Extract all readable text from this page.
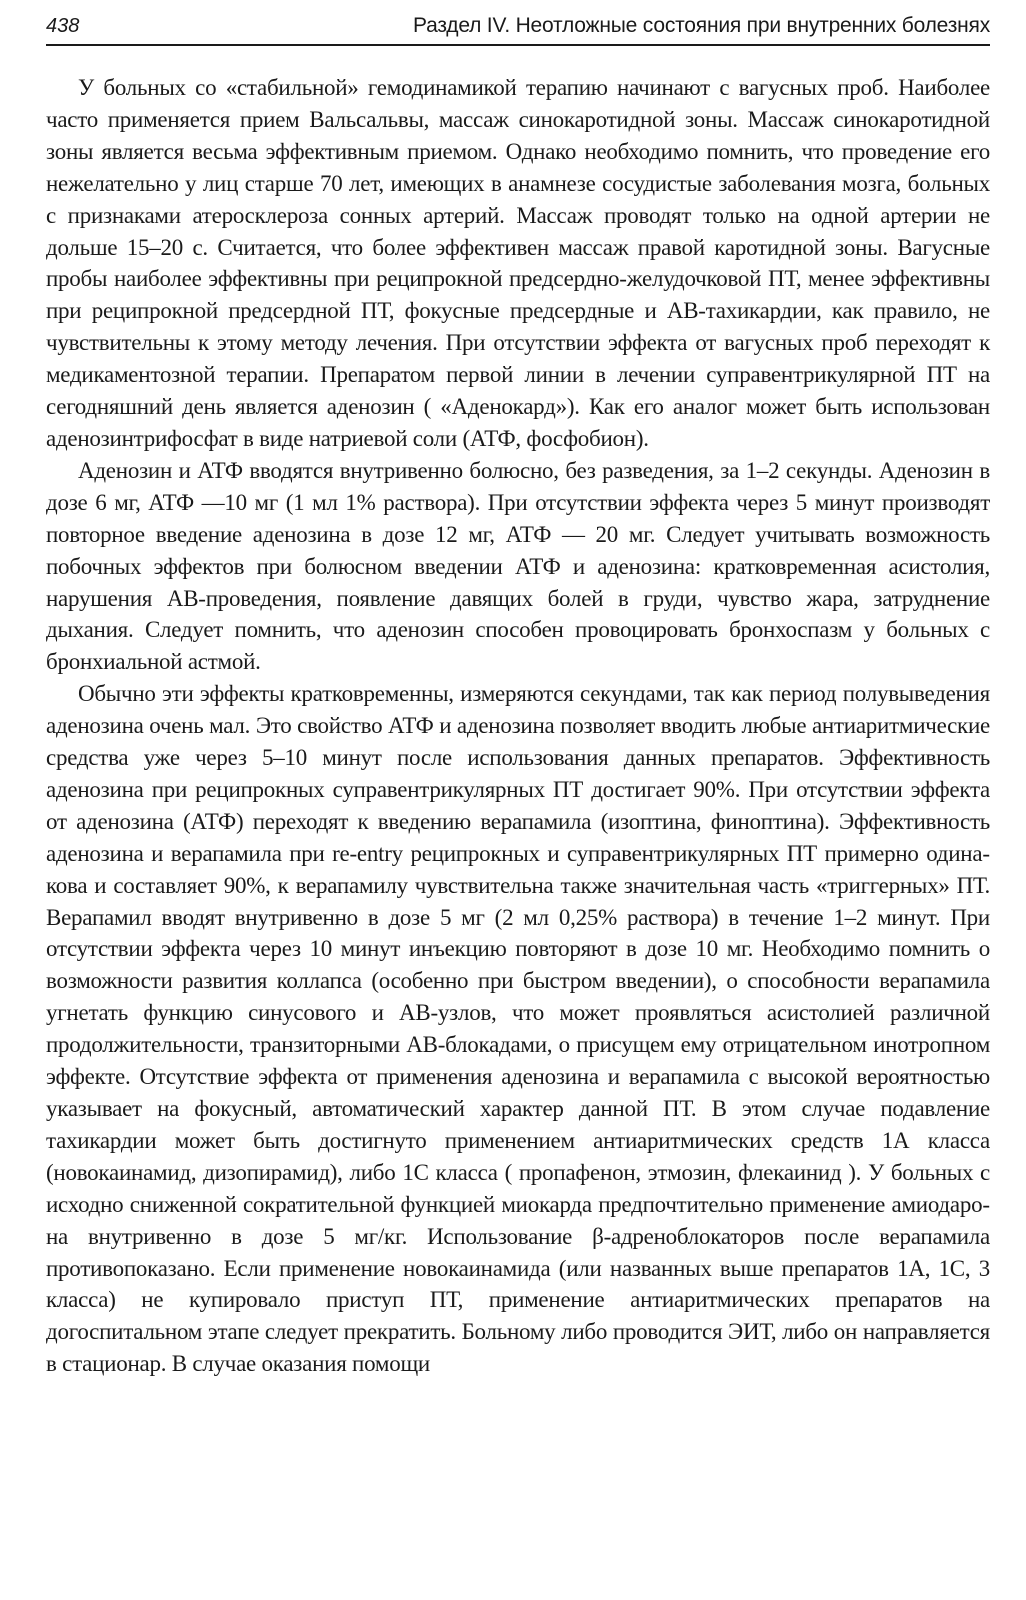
438	Раздел IV. Неотложные состояния при внутренних болезнях

У больных со «стабильной» гемодинамикой терапию начинают с вагусных проб. Наиболее часто применяется прием Вальсальвы, массаж синокаротидной зоны. Массаж синокаротидной зоны является весьма эффективным приемом. Однако необходимо помнить, что проведение его нежелательно у лиц старше 70 лет, имеющих в анамнезе сосудистые заболевания мозга, больных с признаками атеросклероза сонных артерий. Массаж проводят только на одной артерии не дольше 15–20 с. Считается, что более эффективен массаж правой каротидной зоны. Вагусные пробы наиболее эффективны при реципрокной предсердно-желудочковой ПТ, менее эффективны при реципрокной предсердной ПТ, фокусные предсердные и АВ-тахикардии, как правило, не чувствительны к этому методу лечения. При отсутствии эффекта от вагусных проб переходят к медикаментозной терапии. Препаратом первой линии в лечении суправентрикулярной ПТ на сегодняшний день является аденозин ( «Аденокард»). Как его аналог может быть использован аденозинтрифосфат в виде натриевой соли (АТФ, фосфобион).

Аденозин и АТФ вводятся внутривенно болюсно, без разведения, за 1–2 секунды. Аденозин в дозе 6 мг, АТФ —10 мг (1 мл 1% раствора). При отсутствии эффекта через 5 минут производят повторное введение аденозина в дозе 12 мг, АТФ — 20 мг. Следует учитывать возможность побочных эффектов при болюсном введении АТФ и аденозина: кратковременная асистолия, нарушения АВ-проведения, появление давящих болей в груди, чувство жара, затруднение дыхания. Следует помнить, что аденозин способен провоцировать бронхоспазм у больных с бронхиальной астмой.

Обычно эти эффекты кратковременны, измеряются секундами, так как период полувыведения аденозина очень мал. Это свойство АТФ и аденозина позволяет вводить любые антиаритмические средства уже через 5–10 минут после использования данных препаратов. Эффективность аденозина при реципрокных суправентрикулярных ПТ достигает 90%. При отсутствии эффекта от аденозина (АТФ) переходят к введению верапамила (изоптина, финоптина). Эффективность аденозина и верапамила при re-entry реципрокных и суправентрикулярных ПТ примерно одинакова и составляет 90%, к верапамилу чувствительна также значительная часть «триггерных» ПТ. Верапамил вводят внутривенно в дозе 5 мг (2 мл 0,25% раствора) в течение 1–2 минут. При отсутствии эффекта через 10 минут инъекцию повторяют в дозе 10 мг. Необходимо помнить о возможности развития коллапса (особенно при быстром введении), о способности верапамила угнетать функцию синусового и АВ-узлов, что может проявляться асистолией различной продолжительности, транзиторными АВ-блокадами, о присущем ему отрицательном инотропном эффекте. Отсутствие эффекта от применения аденозина и верапамила с высокой вероятностью указывает на фокусный, автоматический характер данной ПТ. В этом случае подавление тахикардии может быть достигнуто применением антиаритмических средств 1А класса (новокаинамид, дизопирамид), либо 1С класса ( пропафенон, этмозин, флекаинид ). У больных с исходно сниженной сократительной функцией миокарда предпочтительно применение амиодарона внутривенно в дозе 5 мг/кг. Использование β-адреноблокаторов после верапамила противопоказано. Если применение новокаинамида (или названных выше препаратов 1А, 1С, 3 класса) не купировало приступ ПТ, применение антиаритмических препаратов на догоспитальном этапе следует прекратить. Больному либо проводится ЭИТ, либо он направляется в стационар. В случае оказания помощи
